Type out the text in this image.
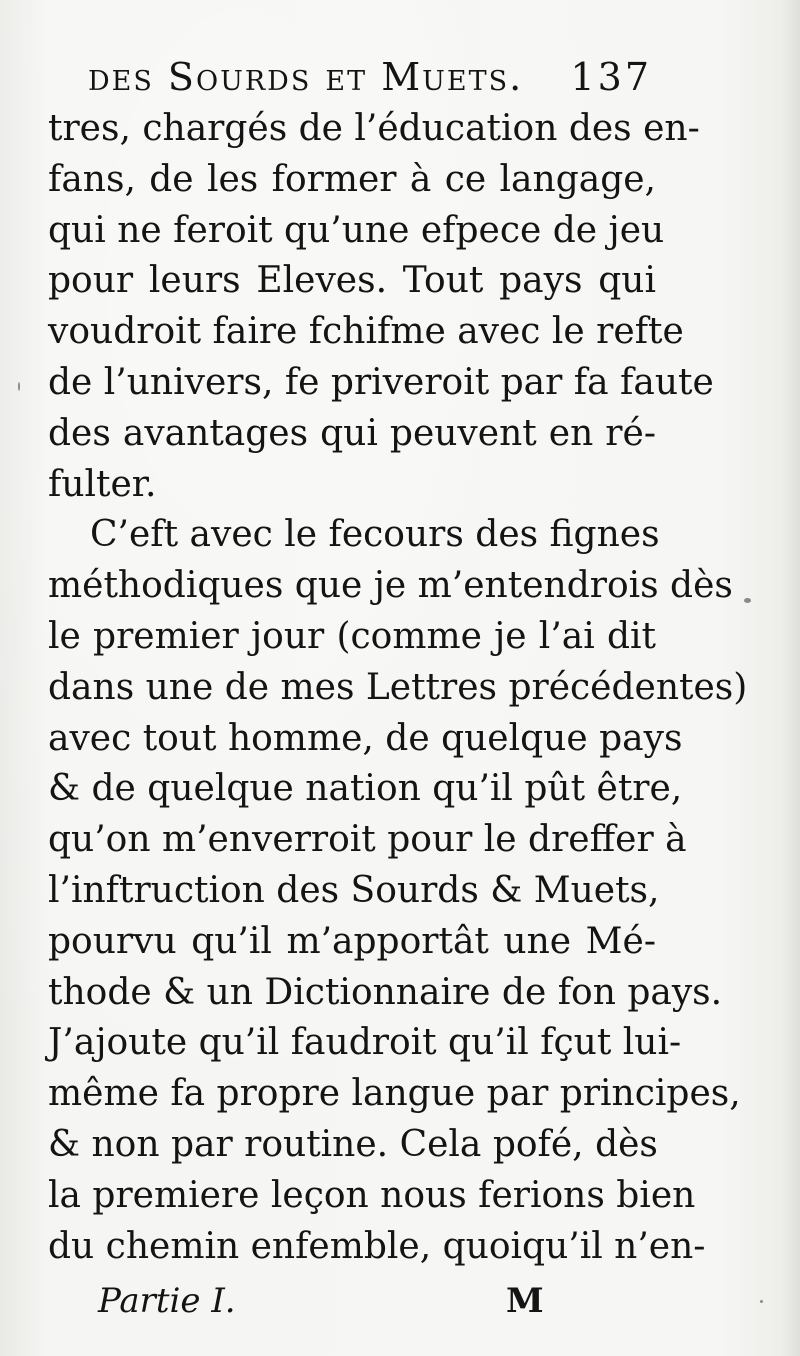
des Sourds et Muets. 137
tres, chargés de l’éducation des en-
fans, de les former à ce langage,
qui ne feroit qu’une efpece de jeu
pour leurs Eleves. Tout pays qui
voudroit faire fchifme avec le refte
de l’univers, fe priveroit par fa faute
des avantages qui peuvent en ré-
fulter.
C’eft avec le fecours des fignes
méthodiques que je m’entendrois dès
le premier jour (comme je l’ai dit
dans une de mes Lettres précédentes)
avec tout homme, de quelque pays
& de quelque nation qu’il pût être,
qu’on m’enverroit pour le dreffer à
l’inftruction des Sourds & Muets,
pourvu qu’il m’apportât une Mé-
thode & un Dictionnaire de fon pays.
J’ajoute qu’il faudroit qu’il fçut lui-
même fa propre langue par principes,
& non par routine. Cela pofé, dès
la premiere leçon nous ferions bien
du chemin enfemble, quoiqu’il n’en-
Partie I.	M
